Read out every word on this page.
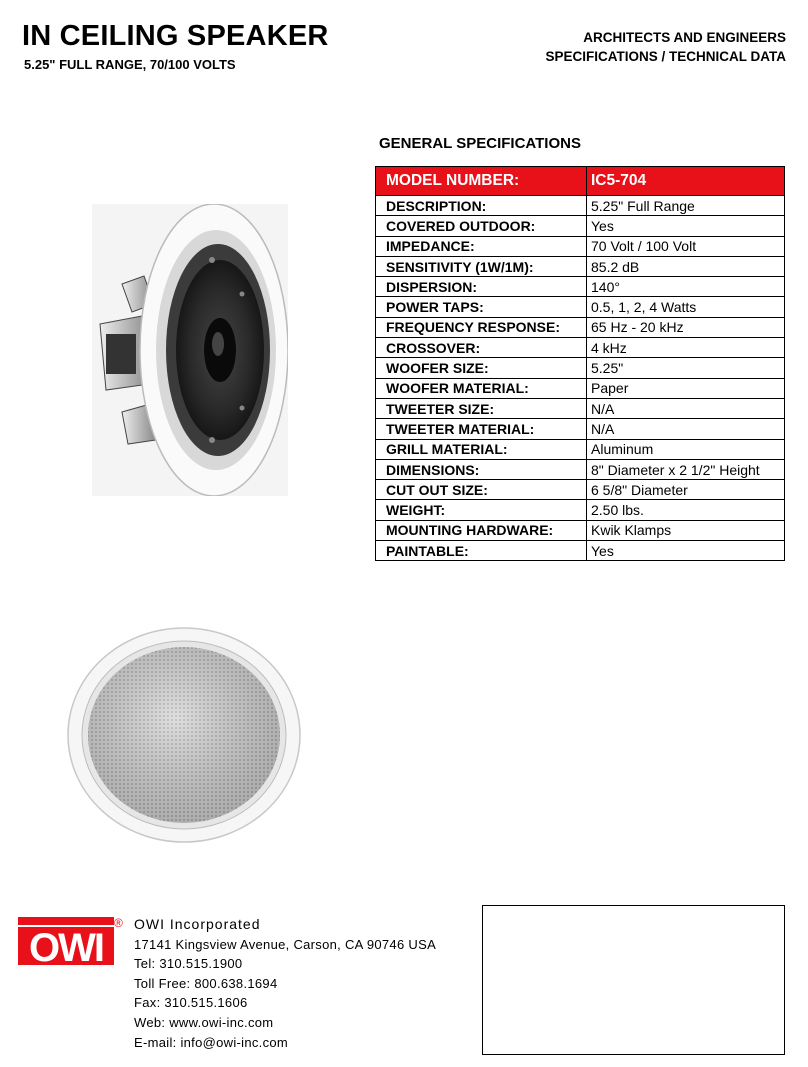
IN CEILING SPEAKER
5.25" FULL RANGE, 70/100 VOLTS
ARCHITECTS AND ENGINEERS
SPECIFICATIONS / TECHNICAL DATA
GENERAL SPECIFICATIONS
MODEL NUMBER:	IC5-704
DESCRIPTION:	5.25" Full Range
COVERED OUTDOOR:	Yes
IMPEDANCE:	70 Volt / 100 Volt
SENSITIVITY (1W/1M):	85.2 dB
DISPERSION:	140°
POWER TAPS:	0.5, 1, 2, 4 Watts
FREQUENCY RESPONSE:	65 Hz - 20 kHz
CROSSOVER:	4 kHz
WOOFER SIZE:	5.25"
WOOFER MATERIAL:	Paper
TWEETER SIZE:	N/A
TWEETER MATERIAL:	N/A
GRILL MATERIAL:	Aluminum
DIMENSIONS:	8" Diameter x 2 1/2" Height
CUT OUT SIZE:	6 5/8" Diameter
WEIGHT:	2.50 lbs.
MOUNTING HARDWARE:	Kwik Klamps
PAINTABLE:	Yes
OWI
® OWI Incorporated
17141 Kingsview Avenue, Carson, CA 90746 USA
Tel: 310.515.1900
Toll Free: 800.638.1694
Fax: 310.515.1606
Web: www.owi-inc.com
E-mail: info@owi-inc.com
